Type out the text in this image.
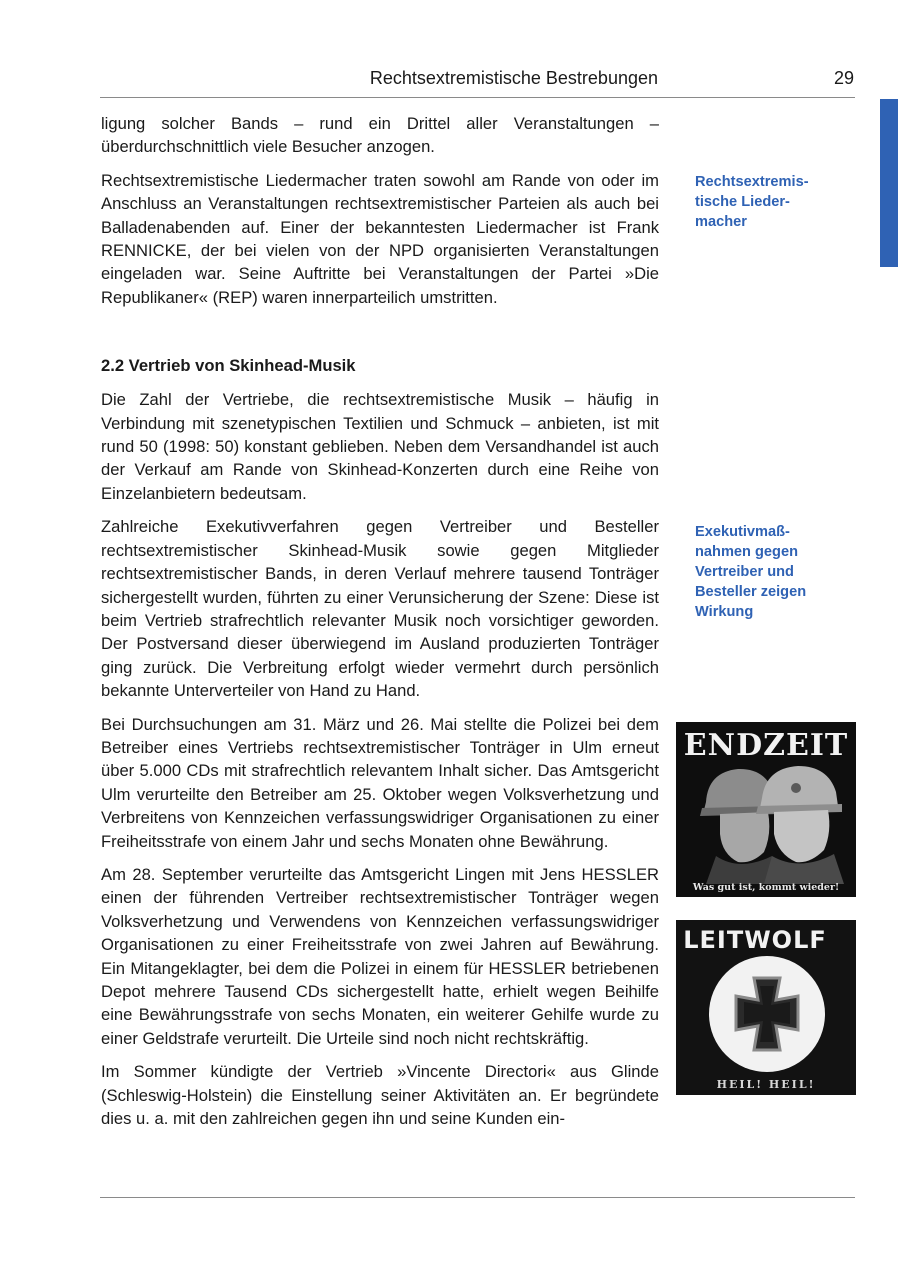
Rechtsextremistische Bestrebungen	29

ligung solcher Bands – rund ein Drittel aller Veranstaltungen – überdurchschnittlich viele Besucher anzogen.

Rechtsextremistische Liedermacher traten sowohl am Rande von oder im Anschluss an Veranstaltungen rechtsextremistischer Parteien als auch bei Balladenabenden auf. Einer der bekanntesten Liedermacher ist Frank RENNICKE, der bei vielen von der NPD organisierten Veranstaltungen eingeladen war. Seine Auftritte bei Veranstaltungen der Partei »Die Republikaner« (REP) waren innerparteilich umstritten.

2.2 Vertrieb von Skinhead-Musik

Die Zahl der Vertriebe, die rechtsextremistische Musik – häufig in Verbindung mit szenetypischen Textilien und Schmuck – anbieten, ist mit rund 50 (1998: 50) konstant geblieben. Neben dem Versandhandel ist auch der Verkauf am Rande von Skinhead-Konzerten durch eine Reihe von Einzelanbietern bedeutsam.

Zahlreiche Exekutivverfahren gegen Vertreiber und Besteller rechtsextremistischer Skinhead-Musik sowie gegen Mitglieder rechtsextremistischer Bands, in deren Verlauf mehrere tausend Tonträger sichergestellt wurden, führten zu einer Verunsicherung der Szene: Diese ist beim Vertrieb strafrechtlich relevanter Musik noch vorsichtiger geworden. Der Postversand dieser überwiegend im Ausland produzierten Tonträger ging zurück. Die Verbreitung erfolgt wieder vermehrt durch persönlich bekannte Unterverteiler von Hand zu Hand.

Bei Durchsuchungen am 31. März und 26. Mai stellte die Polizei bei dem Betreiber eines Vertriebs rechtsextremistischer Tonträger in Ulm erneut über 5.000 CDs mit strafrechtlich relevantem Inhalt sicher. Das Amtsgericht Ulm verurteilte den Betreiber am 25. Oktober wegen Volksverhetzung und Verbreitens von Kennzeichen verfassungswidriger Organisationen zu einer Freiheitsstrafe von einem Jahr und sechs Monaten ohne Bewährung.

Am 28. September verurteilte das Amtsgericht Lingen mit Jens HESSLER einen der führenden Vertreiber rechtsextremistischer Tonträger wegen Volksverhetzung und Verwendens von Kennzeichen verfassungswidriger Organisationen zu einer Freiheitsstrafe von zwei Jahren auf Bewährung. Ein Mitangeklagter, bei dem die Polizei in einem für HESSLER betriebenen Depot mehrere Tausend CDs sichergestellt hatte, erhielt wegen Beihilfe eine Bewährungsstrafe von sechs Monaten, ein weiterer Gehilfe wurde zu einer Geldstrafe verurteilt. Die Urteile sind noch nicht rechtskräftig.

Im Sommer kündigte der Vertrieb »Vincente Directori« aus Glinde (Schleswig-Holstein) die Einstellung seiner Aktivitäten an. Er begründete dies u. a. mit den zahlreichen gegen ihn und seine Kunden ein-

Rechtsextremis-
tische Lieder-
macher
Exekutivmaß-
nahmen gegen
Vertreiber und
Besteller zeigen
Wirkung
ENDZEIT
Was gut ist, kommt wieder!
LEITWOLF
HEIL! HEIL!
